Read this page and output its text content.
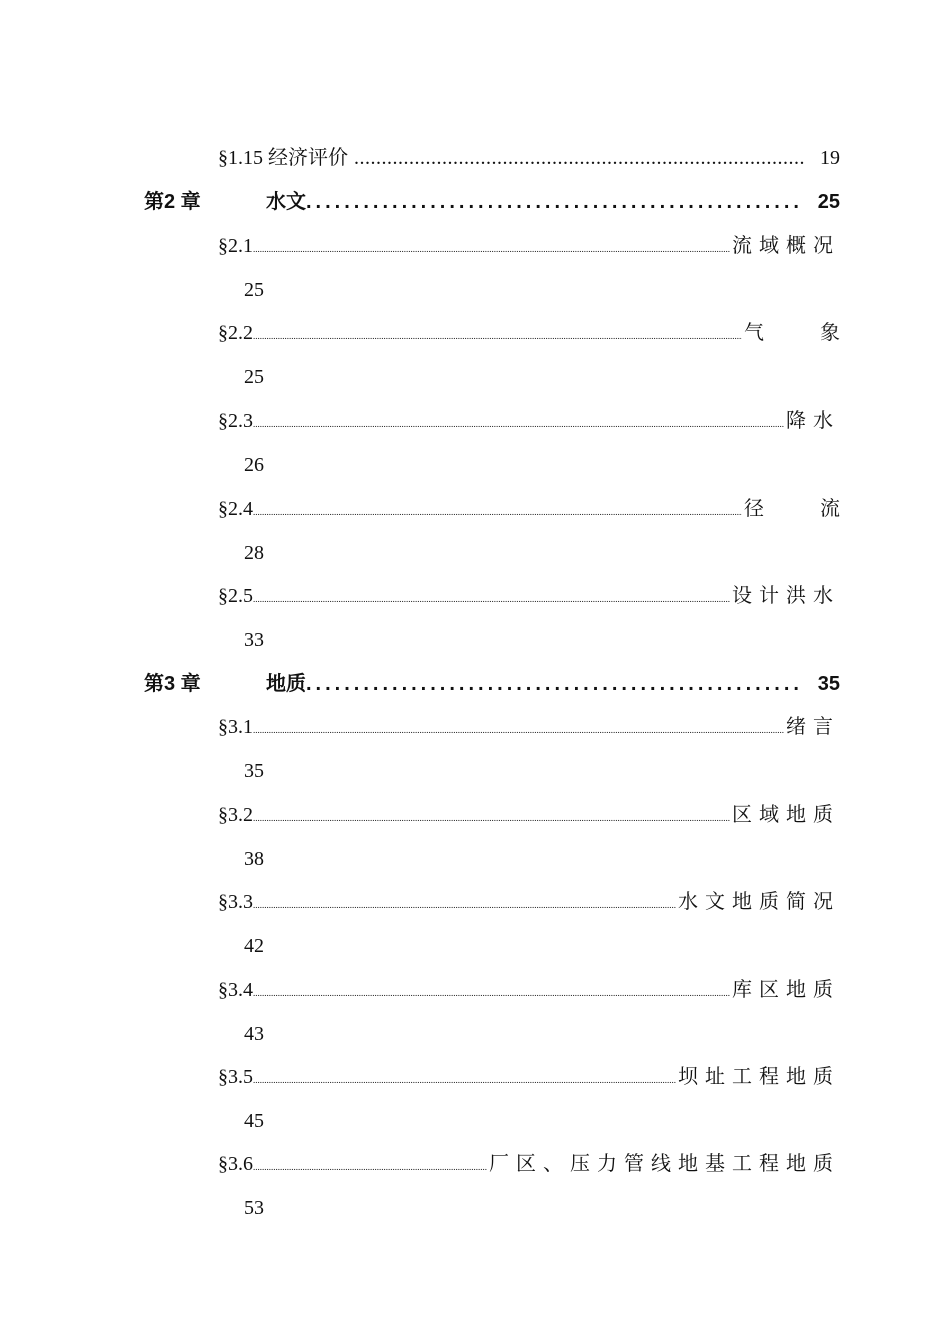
§1.15 经济评价 .....	19
第2 章	水 文 .....	25
§2.1 .....	流域概况
25
§2.2 .....	气	象
25
§2.3 .....	降水
26
§2.4 .....	径	流
28
§2.5 .....	设计洪水
33
第3 章	地 质 .....	35
§3.1 .....	绪言
35
§3.2 .....	区域地质
38
§3.3 .....	水文地质简况
42
§3.4 .....	库区地质
43
§3.5 .....	坝址工程地质
45
§3.6 .....	厂区、压力管线地基工程地质
53
